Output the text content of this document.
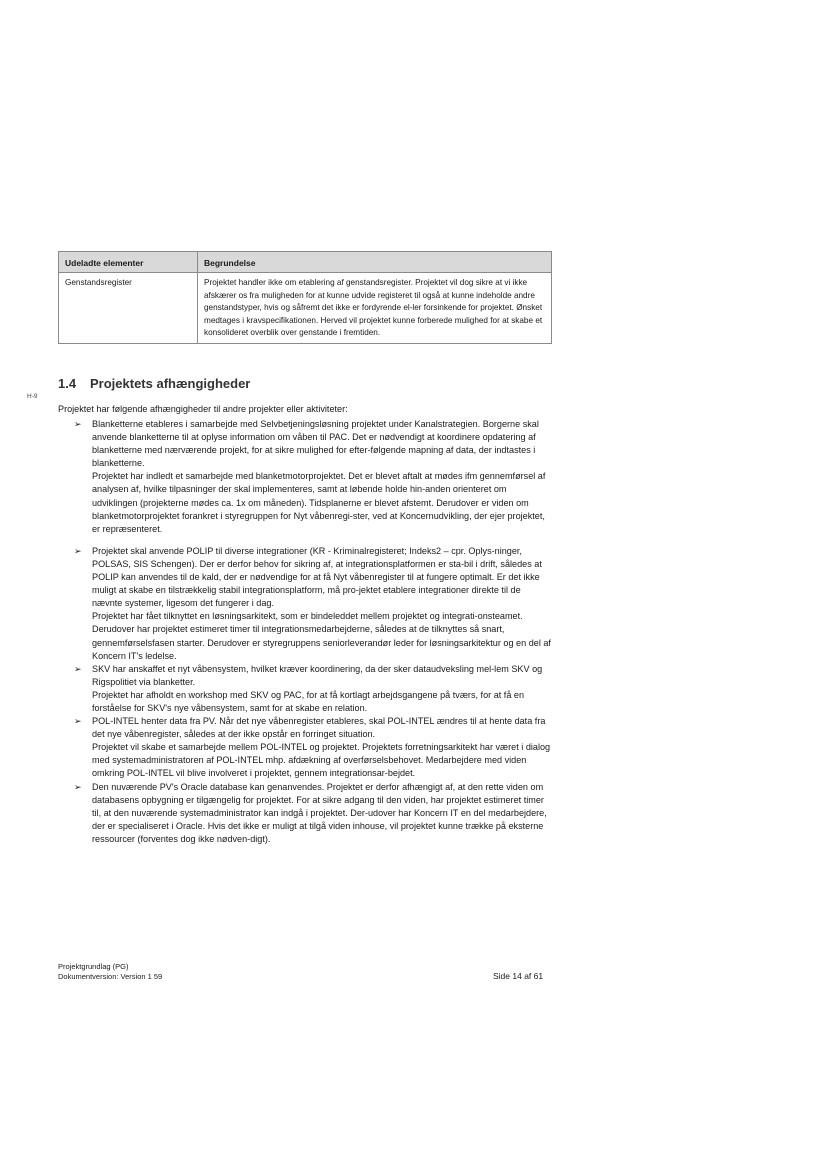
Udeladte elementer	Begrundelse
Genstandsregister	Projektet handler ikke om etablering af genstandsregister. Projektet vil dog sikre at vi ikke afskærer os fra muligheden for at kunne udvide registeret til også at kunne indeholde andre genstandstyper, hvis og såfremt det ikke er fordyrende el-ler forsinkende for projektet. Ønsket medtages i kravspecifikationen. Herved vil projektet kunne forberede mulighed for at skabe et konsolideret overblik over genstande i fremtiden.
1.4 Projektets afhængigheder
H-9
Projektet har følgende afhængigheder til andre projekter eller aktiviteter:
➢ Blanketterne etableres i samarbejde med Selvbetjeningsløsning projektet under Kanalstrategien. Borgerne skal anvende blanketterne til at oplyse information om våben til PAC. Det er nødvendigt at koordinere opdatering af blanketterne med nærværende projekt, for at sikre mulighed for efter-følgende mapning af data, der indtastes i blanketterne.

Projektet har indledt et samarbejde med blanketmotorprojektet. Det er blevet aftalt at mødes ifm gennemførsel af analysen af, hvilke tilpasninger der skal implementeres, samt at løbende holde hin-anden orienteret om udviklingen (projekterne mødes ca. 1x om måneden). Tidsplanerne er blevet afstemt. Derudover er viden om blanketmotorprojektet forankret i styregruppen for Nyt våbenregi-ster, ved at Koncernudvikling, der ejer projektet, er repræsenteret.

➢ Projektet skal anvende POLIP til diverse integrationer (KR - Kriminalregisteret; Indeks2 – cpr. Oplys-ninger, POLSAS, SIS Schengen). Der er derfor behov for sikring af, at integrationsplatformen er sta-bil i drift, således at POLIP kan anvendes til de kald, der er nødvendige for at få Nyt våbenregister til at fungere optimalt. Er det ikke muligt at skabe en tilstrækkelig stabil integrationsplatform, må pro-jektet etablere integrationer direkte til de nævnte systemer, ligesom det fungerer i dag.

Projektet har fået tilknyttet en løsningsarkitekt, som er bindeleddet mellem projektet og integrati-onsteamet. Derudover har projektet estimeret timer til integrationsmedarbejderne, således at de tilknyttes så snart, gennemførselsfasen starter. Derudover er styregruppens seniorleverandør leder for løsningsarkitektur og en del af Koncern IT's ledelse.

➢ SKV har anskaffet et nyt våbensystem, hvilket kræver koordinering, da der sker dataudveksling mel-lem SKV og Rigspolitiet via blanketter.

Projektet har afholdt en workshop med SKV og PAC, for at få kortlagt arbejdsgangene på tværs, for at få en forståelse for SKV's nye våbensystem, samt for at skabe en relation.

➢ POL-INTEL henter data fra PV. Når det nye våbenregister etableres, skal POL-INTEL ændres til at hente data fra det nye våbenregister, således at der ikke opstår en forringet situation.

Projektet vil skabe et samarbejde mellem POL-INTEL og projektet. Projektets forretningsarkitekt har været i dialog med systemadministratoren af POL-INTEL mhp. afdækning af overførselsbehovet. Medarbejdere med viden omkring POL-INTEL vil blive involveret i projektet, gennem integrationsar-bejdet.

➢ Den nuværende PV's Oracle database kan genanvendes. Projektet er derfor afhængigt af, at den rette viden om databasens opbygning er tilgængelig for projektet. For at sikre adgang til den viden, har projektet estimeret timer til, at den nuværende systemadministrator kan indgå i projektet. Der-udover har Koncern IT en del medarbejdere, der er specialiseret i Oracle. Hvis det ikke er muligt at tilgå viden inhouse, vil projektet kunne trække på eksterne ressourcer (forventes dog ikke nødven-digt).

Projektgrundlag (PG)
Dokumentversion: Version 1 59	Side 14 af 61
